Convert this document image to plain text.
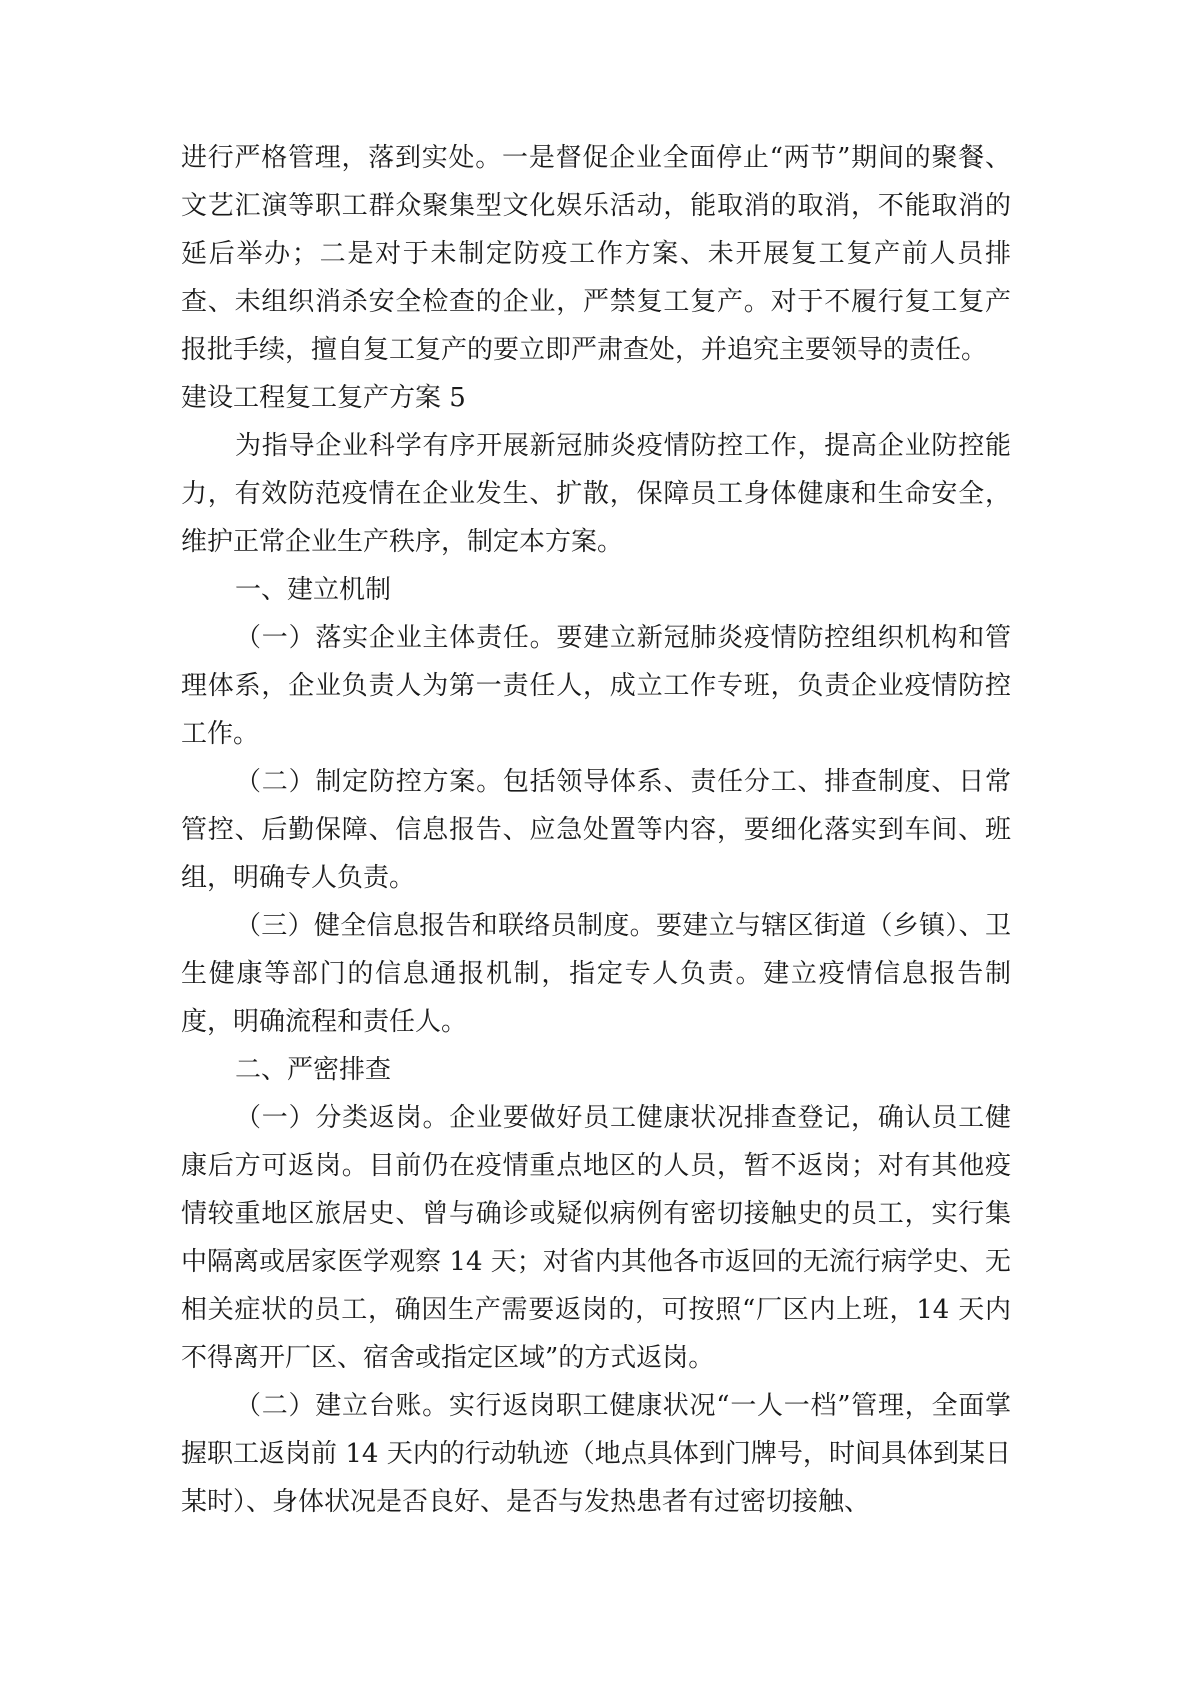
进行严格管理，落到实处。一是督促企业全面停止“两节”期间的聚餐、文艺汇演等职工群众聚集型文化娱乐活动，能取消的取消，不能取消的延后举办；二是对于未制定防疫工作方案、未开展复工复产前人员排查、未组织消杀安全检查的企业，严禁复工复产。对于不履行复工复产报批手续，擅自复工复产的要立即严肃查处，并追究主要领导的责任。

建设工程复工复产方案 5

为指导企业科学有序开展新冠肺炎疫情防控工作，提高企业防控能力，有效防范疫情在企业发生、扩散，保障员工身体健康和生命安全，维护正常企业生产秩序，制定本方案。

一、建立机制

（一）落实企业主体责任。要建立新冠肺炎疫情防控组织机构和管理体系，企业负责人为第一责任人，成立工作专班，负责企业疫情防控工作。

（二）制定防控方案。包括领导体系、责任分工、排查制度、日常管控、后勤保障、信息报告、应急处置等内容，要细化落实到车间、班组，明确专人负责。

（三）健全信息报告和联络员制度。要建立与辖区街道（乡镇）、卫生健康等部门的信息通报机制，指定专人负责。建立疫情信息报告制度，明确流程和责任人。

二、严密排查

（一）分类返岗。企业要做好员工健康状况排查登记，确认员工健康后方可返岗。目前仍在疫情重点地区的人员，暂不返岗；对有其他疫情较重地区旅居史、曾与确诊或疑似病例有密切接触史的员工，实行集中隔离或居家医学观察 14 天；对省内其他各市返回的无流行病学史、无相关症状的员工，确因生产需要返岗的，可按照“厂区内上班，14 天内不得离开厂区、宿舍或指定区域”的方式返岗。

（二）建立台账。实行返岗职工健康状况“一人一档”管理，全面掌握职工返岗前 14 天内的行动轨迹（地点具体到门牌号，时间具体到某日某时）、身体状况是否良好、是否与发热患者有过密切接触、
